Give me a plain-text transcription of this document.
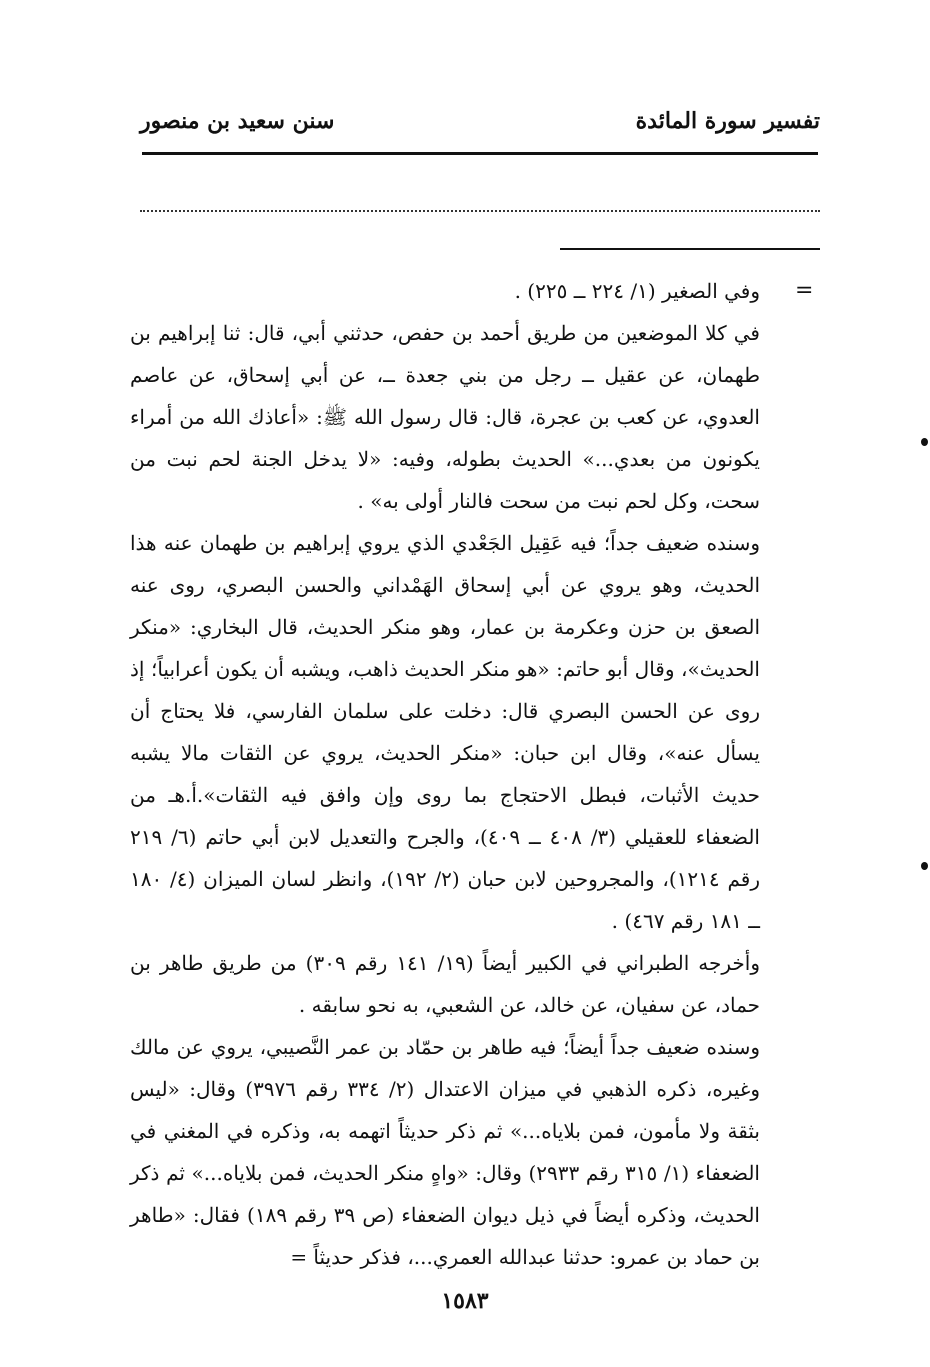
تفسير سورة المائدة
سنن سعيد بن منصور
=

وفي الصغير (١/ ٢٢٤ ــ ٢٢٥) .

في كلا الموضعين من طريق أحمد بن حفص، حدثني أبي، قال: ثنا إبراهيم بن طهمان، عن عقيل ــ رجل من بني جعدة ــ، عن أبي إسحاق، عن عاصم العدوي، عن كعب بن عجرة، قال: قال رسول الله ﷺ: «أعاذك الله من أمراء يكونون من بعدي...» الحديث بطوله، وفيه: «لا يدخل الجنة لحم نبت من سحت، وكل لحم نبت من سحت فالنار أولى به» .

وسنده ضعيف جداً؛ فيه عَقِيل الجَعْدي الذي يروي إبراهيم بن طهمان عنه هذا الحديث، وهو يروي عن أبي إسحاق الهَمْداني والحسن البصري، روى عنه الصعق بن حزن وعكرمة بن عمار، وهو منكر الحديث، قال البخاري: «منكر الحديث»، وقال أبو حاتم: «هو منكر الحديث ذاهب، ويشبه أن يكون أعرابياً؛ إذ روى عن الحسن البصري قال: دخلت على سلمان الفارسي، فلا يحتاج أن يسأل عنه»، وقال ابن حبان: «منكر الحديث، يروي عن الثقات مالا يشبه حديث الأثبات، فبطل الاحتجاج بما روى وإن وافق فيه الثقات».أ.هـ من الضعفاء للعقيلي (٣/ ٤٠٨ ــ ٤٠٩)، والجرح والتعديل لابن أبي حاتم (٦/ ٢١٩ رقم ١٢١٤)، والمجروحين لابن حبان (٢/ ١٩٢)، وانظر لسان الميزان (٤/ ١٨٠ ــ ١٨١ رقم ٤٦٧) .

وأخرجه الطبراني في الكبير أيضاً (١٩/ ١٤١ رقم ٣٠٩) من طريق طاهر بن حماد، عن سفيان، عن خالد، عن الشعبي، به نحو سابقه .

وسنده ضعيف جداً أيضاً؛ فيه طاهر بن حمّاد بن عمر النَّصيبي، يروي عن مالك وغيره، ذكره الذهبي في ميزان الاعتدال (٢/ ٣٣٤ رقم ٣٩٧٦) وقال: «ليس بثقة ولا مأمون، فمن بلاياه...» ثم ذكر حديثاً اتهمه به، وذكره في المغني في الضعفاء (١/ ٣١٥ رقم ٢٩٣٣) وقال: «واهٍ منكر الحديث، فمن بلاياه...» ثم ذكر الحديث، وذكره أيضاً في ذيل ديوان الضعفاء (ص ٣٩ رقم ١٨٩) فقال: «طاهر بن حماد بن عمرو: حدثنا عبدالله العمري...، فذكر حديثاً =

١٥٨٣
